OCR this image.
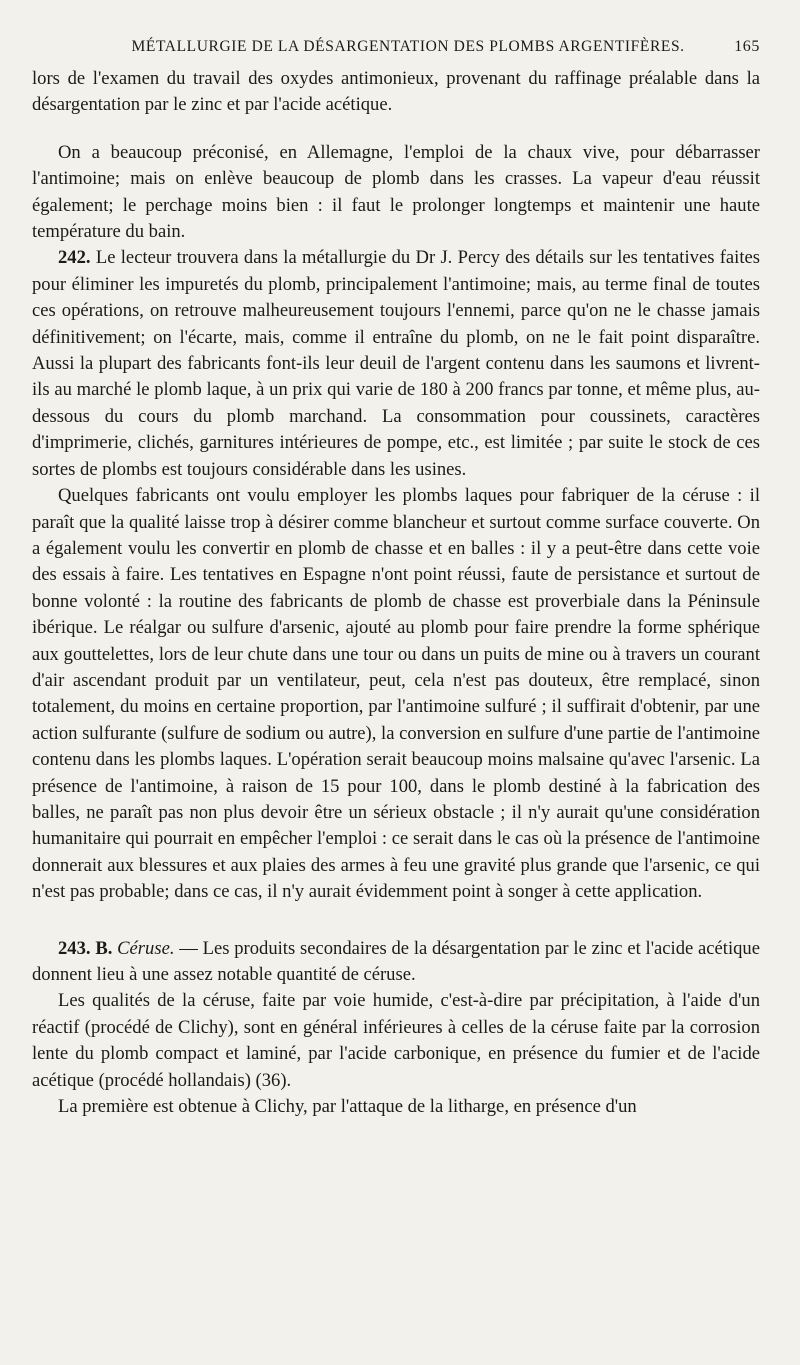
MÉTALLURGIE DE LA DÉSARGENTATION DES PLOMBS ARGENTIFÈRES.	165

lors de l'examen du travail des oxydes antimonieux, provenant du raffinage préalable dans la désargentation par le zinc et par l'acide acétique.

On a beaucoup préconisé, en Allemagne, l'emploi de la chaux vive, pour débarrasser l'antimoine; mais on enlève beaucoup de plomb dans les crasses. La vapeur d'eau réussit également; le perchage moins bien : il faut le prolonger longtemps et maintenir une haute température du bain.

242. Le lecteur trouvera dans la métallurgie du Dr J. Percy des détails sur les tentatives faites pour éliminer les impuretés du plomb, principalement l'antimoine; mais, au terme final de toutes ces opérations, on retrouve malheureusement toujours l'ennemi, parce qu'on ne le chasse jamais définitivement; on l'écarte, mais, comme il entraîne du plomb, on ne le fait point disparaître. Aussi la plupart des fabricants font-ils leur deuil de l'argent contenu dans les saumons et livrent-ils au marché le plomb laque, à un prix qui varie de 180 à 200 francs par tonne, et même plus, au-dessous du cours du plomb marchand. La consommation pour coussinets, caractères d'imprimerie, clichés, garnitures intérieures de pompe, etc., est limitée ; par suite le stock de ces sortes de plombs est toujours considérable dans les usines.

Quelques fabricants ont voulu employer les plombs laques pour fabriquer de la céruse : il paraît que la qualité laisse trop à désirer comme blancheur et surtout comme surface couverte. On a également voulu les convertir en plomb de chasse et en balles : il y a peut-être dans cette voie des essais à faire. Les tentatives en Espagne n'ont point réussi, faute de persistance et surtout de bonne volonté : la routine des fabricants de plomb de chasse est proverbiale dans la Péninsule ibérique. Le réalgar ou sulfure d'arsenic, ajouté au plomb pour faire prendre la forme sphérique aux gouttelettes, lors de leur chute dans une tour ou dans un puits de mine ou à travers un courant d'air ascendant produit par un ventilateur, peut, cela n'est pas douteux, être remplacé, sinon totalement, du moins en certaine proportion, par l'antimoine sulfuré ; il suffirait d'obtenir, par une action sulfurante (sulfure de sodium ou autre), la conversion en sulfure d'une partie de l'antimoine contenu dans les plombs laques. L'opération serait beaucoup moins malsaine qu'avec l'arsenic. La présence de l'antimoine, à raison de 15 pour 100, dans le plomb destiné à la fabrication des balles, ne paraît pas non plus devoir être un sérieux obstacle ; il n'y aurait qu'une considération humanitaire qui pourrait en empêcher l'emploi : ce serait dans le cas où la présence de l'antimoine donnerait aux blessures et aux plaies des armes à feu une gravité plus grande que l'arsenic, ce qui n'est pas probable; dans ce cas, il n'y aurait évidemment point à songer à cette application.

243. B. Céruse. — Les produits secondaires de la désargentation par le zinc et l'acide acétique donnent lieu à une assez notable quantité de céruse.

Les qualités de la céruse, faite par voie humide, c'est-à-dire par précipitation, à l'aide d'un réactif (procédé de Clichy), sont en général inférieures à celles de la céruse faite par la corrosion lente du plomb compact et laminé, par l'acide carbonique, en présence du fumier et de l'acide acétique (procédé hollandais) (36).

La première est obtenue à Clichy, par l'attaque de la litharge, en présence d'un
